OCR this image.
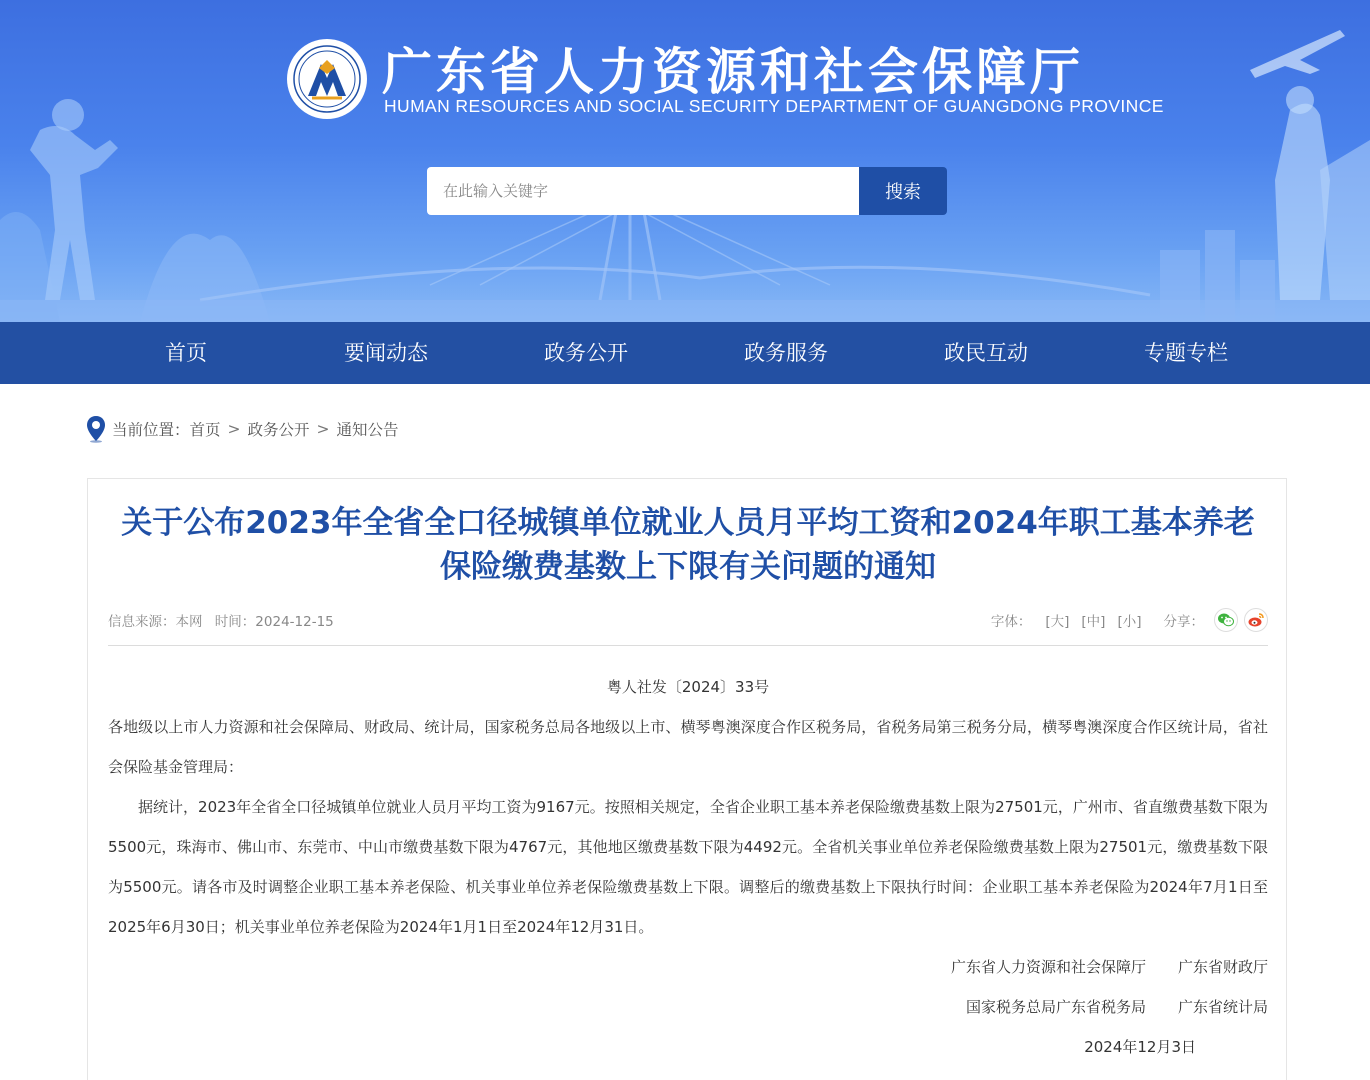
广东省人力资源和社会保障厅
HUMAN RESOURCES AND SOCIAL SECURITY DEPARTMENT OF GUANGDONG PROVINCE
在此输入关键字
搜索
首页	要闻动态	政务公开	政务服务	政民互动	专题专栏
当前位置： 首页 > 政务公开 > 通知公告
关于公布2023年全省全口径城镇单位就业人员月平均工资和2024年职工基本养老保险缴费基数上下限有关问题的通知
信息来源：本网 时间：2024-12-15	字体： [大] [中] [小] 分享：

粤人社发〔2024〕33号

各地级以上市人力资源和社会保障局、财政局、统计局，国家税务总局各地级以上市、横琴粤澳深度合作区税务局，省税务局第三税务分局，横琴粤澳深度合作区统计局，省社会保险基金管理局：

据统计，2023年全省全口径城镇单位就业人员月平均工资为9167元。按照相关规定，全省企业职工基本养老保险缴费基数上限为27501元，广州市、省直缴费基数下限为5500元，珠海市、佛山市、东莞市、中山市缴费基数下限为4767元，其他地区缴费基数下限为4492元。全省机关事业单位养老保险缴费基数上限为27501元，缴费基数下限为5500元。请各市及时调整企业职工基本养老保险、机关事业单位养老保险缴费基数上下限。调整后的缴费基数上下限执行时间：企业职工基本养老保险为2024年7月1日至2025年6月30日；机关事业单位养老保险为2024年1月1日至2024年12月31日。

广东省人力资源和社会保障厅 广东省财政厅
国家税务总局广东省税务局 广东省统计局

2024年12月3日
